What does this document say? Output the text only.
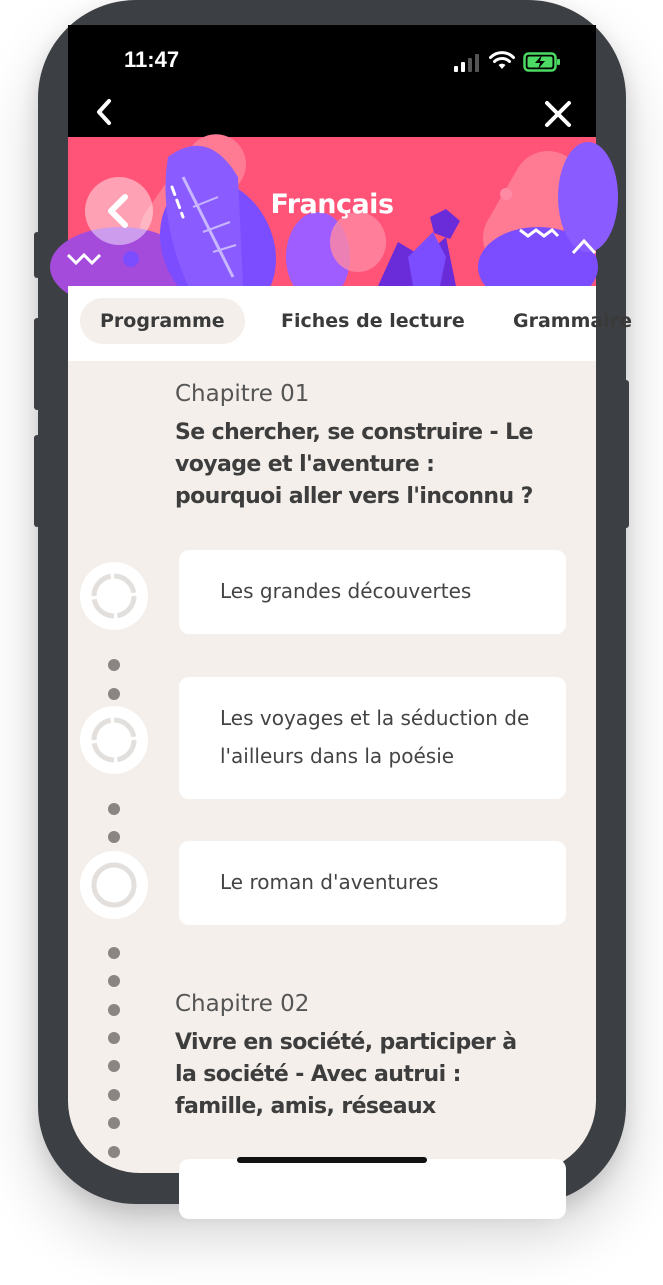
11:47
Français
Programme	Fiches de lecture	Grammaire
Chapitre 01
Se chercher, se construire - Le voyage et l'aventure : pourquoi aller vers l'inconnu ?
Les grandes découvertes
Les voyages et la séduction de l'ailleurs dans la poésie
Le roman d'aventures
Chapitre 02
Vivre en société, participer à la société - Avec autrui : famille, amis, réseaux
